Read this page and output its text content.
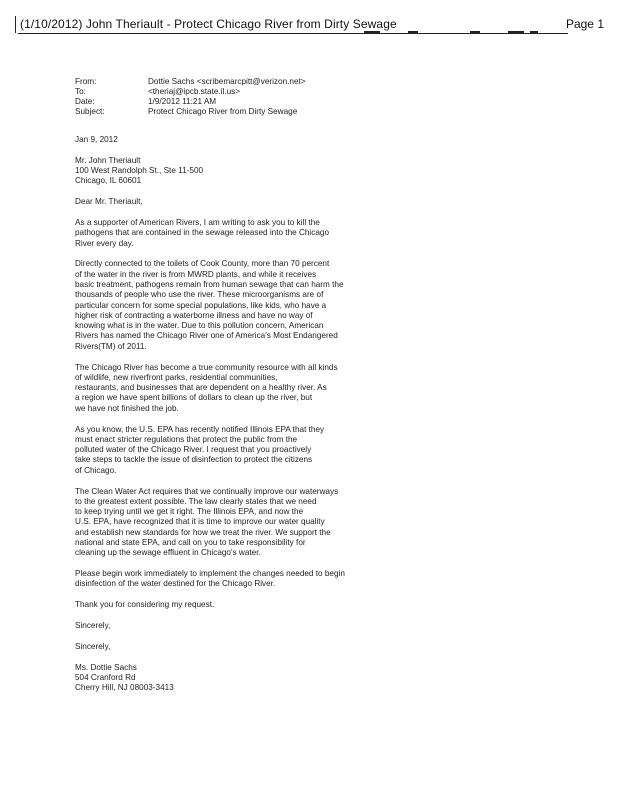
(1/10/2012) John Theriault - Protect Chicago River from Dirty Sewage	Page 1
From:	Dottie Sachs <scribemarcpitt@verizon.net>
To:	<theriaj@ipcb.state.il.us>
Date:	1/9/2012 11:21 AM
Subject:	Protect Chicago River from Dirty Sewage

Jan 9, 2012

Mr. John Theriault
100 West Randolph St., Ste 11-500
Chicago, IL 60601

Dear Mr. Theriault,

As a supporter of American Rivers, I am writing to ask you to kill the
pathogens that are contained in the sewage released into the Chicago
River every day.

Directly connected to the toilets of Cook County, more than 70 percent
of the water in the river is from MWRD plants, and while it receives
basic treatment, pathogens remain from human sewage that can harm the
thousands of people who use the river. These microorganisms are of
particular concern for some special populations, like kids, who have a
higher risk of contracting a waterborne illness and have no way of
knowing what is in the water. Due to this pollution concern, American
Rivers has named the Chicago River one of America's Most Endangered
Rivers(TM) of 2011.

The Chicago River has become a true community resource with all kinds
of wildlife, new riverfront parks, residential communities,
restaurants, and businesses that are dependent on a healthy river. As
a region we have spent billions of dollars to clean up the river, but
we have not finished the job.

As you know, the U.S. EPA has recently notified Illinois EPA that they
must enact stricter regulations that protect the public from the
polluted water of the Chicago River. I request that you proactively
take steps to tackle the issue of disinfection to protect the citizens
of Chicago.

The Clean Water Act requires that we continually improve our waterways
to the greatest extent possible. The law clearly states that we need
to keep trying until we get it right. The Illinois EPA, and now the
U.S. EPA, have recognized that it is time to improve our water quality
and establish new standards for how we treat the river. We support the
national and state EPA, and call on you to take responsibility for
cleaning up the sewage effluent in Chicago's water.

Please begin work immediately to implement the changes needed to begin
disinfection of the water destined for the Chicago River.

Thank you for considering my request.

Sincerely,

Sincerely,

Ms. Dottie Sachs
504 Cranford Rd
Cherry Hill, NJ 08003-3413
